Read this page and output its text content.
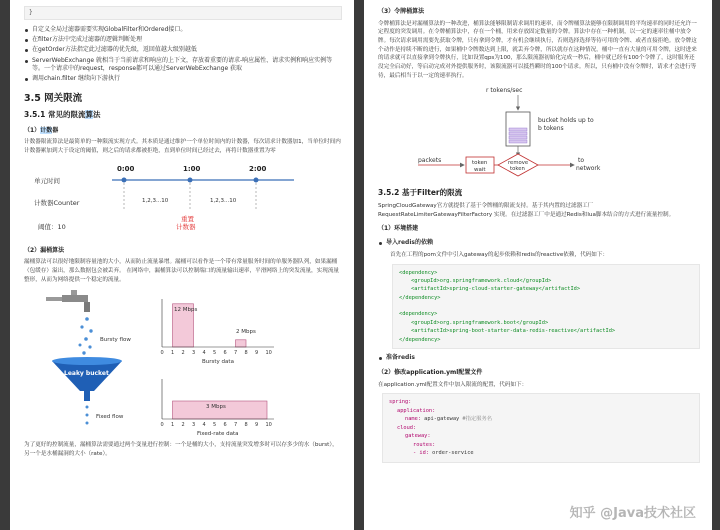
}
自定义全局过滤器需要实现GlobalFilter和Ordered接口。
在filter方法中完成过滤器的逻辑判断处理
在getOrder方法指定此过滤器的优先级，返回值越大级别越低
ServerWebExchange 就相当于当前请求和响应的上下文，存放着重要的请求-响应属性、请求实例和响应实例等等。一个请求中的request，response都可以通过ServerWebExchange 获取
调用chain.filter 继续向下游执行
3.5 网关限流
3.5.1 常见的限流算法
（1）计数器

计数器限流算法是最简单的一种限流实现方式。其本质是通过维护一个单位时间内的计数器，每次请求计数器加1，当单位时间内计数器累加到大于设定的阈值，则之后的请求都被拒绝，直到单位时间已经过去，再将计数器重置为零

单元时间
计数器Counter
阈值：10
0:00	1:00	2:00
1,2,3...10	1,2,3...10
重置
计数器
（2）漏桶算法

漏桶算法可以很好地限制容量池的大小，从而防止流量暴增。漏桶可以看作是一个带有常量服务时间的单服务器队列，如果漏桶（包缓存）溢出，那么数据包会被丢弃。 在网络中，漏桶算法可以控制端口的流量输出速率，平滑网络上的突发流量，实现流量整形，从而为网络提供一个稳定的流量。

Bursty flow
Leaky bucket
Fixed flow
0 1 2 3 4 5 6 7 8 9 10
12 Mbps
2 Mbps
Bursty data
0 1 2 3 4 5 6 7 8 9 10
3 Mbps
Fixed-rate data

为了更好的控制流量，漏桶算法需要通过两个变量进行控制：一个是桶的大小，支持流量突发增多时可以存多少的水（burst），另一个是水桶漏洞的大小（rate）。

（3）令牌桶算法

令牌桶算法是对漏桶算法的一种改进，桶算法能够限制请求调用的速率，而令牌桶算法能够在限制调用的平均速率的同时还允许一定程度的突发调用。在令牌桶算法中，存在一个桶，用来存放固定数量的令牌。算法中存在一种机制，以一定的速率往桶中放令牌。每次请求调用需要先获取令牌，只有拿到令牌，才有机会继续执行，否则选择选择等待可用的令牌、或者直接拒绝。放令牌这个动作是持续不断的进行，如果桶中令牌数达到上限，就丢弃令牌，所以就存在这种情况，桶中一直有大量的可用令牌，这时进来的请求就可以直接拿到令牌执行，比如设置qps为100，那么限流器初始化完成一秒后，桶中就已经有100个令牌了，这时服务还没完全启动好，等启动完成对外提供服务时，该限流器可以抵挡瞬时的100个请求。所以，只有桶中没有令牌时，请求才会进行等待，最后相当于以一定的速率执行。

r tokens/sec
bucket holds up to
b tokens
packets	token
wait
remove
token
to
network
3.5.2 基于Filter的限流

SpringCloudGateway官方就提供了基于令牌桶的限流支持。基于其内置的过滤器工厂RequestRateLimiterGatewayFilterFactory 实现。在过滤器工厂中是通过Redis和lua脚本结合的方式进行流量控制。

（1）环境搭建
导入redis的依赖

首先在工程的pom文件中引入gateway的起步依赖和redis的reactive依赖，代码如下：

<dependency>
<groupId>org.springframework.cloud</groupId>
<artifactId>spring-cloud-starter-gateway</artifactId>
</dependency>
<dependency>
<groupId>org.springframework.boot</groupId>
<artifactId>spring-boot-starter-data-redis-reactive</artifactId>
</dependency>
准备redis
（2）修改application.yml配置文件

在application.yml配置文件中加入限流的配置，代码如下：

spring:
application:
name: api-gateway #指定服务名
cloud:
gateway:
routes:
- id: order-service
知乎 @Java技术社区
